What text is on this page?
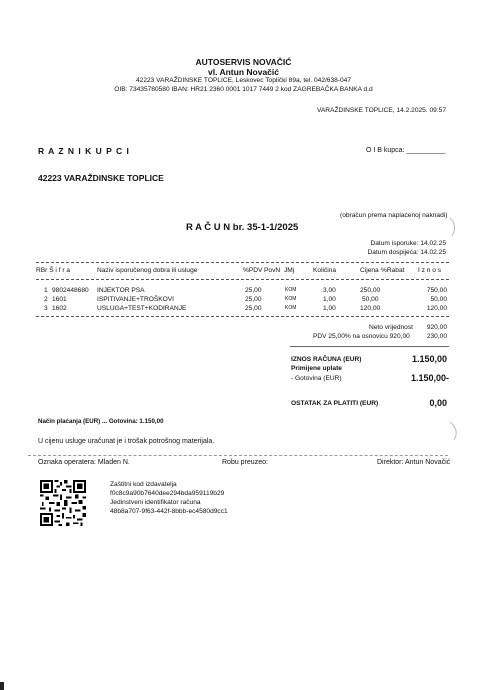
AUTOSERVIS NOVAČIĆ
vl. Antun Novačić
42223 VARAŽDINSKE TOPLICE, Leskovec Toplički 89a, tel. 042/638-047
OIB: 73435780580 IBAN: HR21 2360 0001 1017 7449 2 kod ZAGREBAČKA BANKA d.d
VARAŽDINSKE TOPLICE, 14.2.2025. 09:57
R A Z N I K U P C I	O I B kupca: __________
42223 VARAŽDINSKE TOPLICE
(obračun prema naplaćenoj naknadi)
R A Č U N br. 35-1-1/2025
Datum isporuke: 14.02.25
Datum dospijeća: 14.02.25
RBr Š i f r a	Naziv isporučenog dobra ili usluge	%PDV PovN JMj	Količina	Cijena %Rabat I z n o s
1 9802448680 INJEKTOR PSA	25,00	KOM	3,00	250,00	750,00
2 1601	ISPITIVANJE+TROŠKOVI	25,00	KOM	1,00	50,00	50,00
3 1602	USLUGA+TEST+KODIRANJE	25,00	KOM	1,00	120,00	120,00
Neto vrijednost 920,00
PDV 25,00% na osnovicu 920,00	230,00
IZNOS RAČUNA (EUR)	1.150,00
Primijene uplate
- Gotovina (EUR)	1.150,00-
OSTATAK ZA PLATITI (EUR)	0,00
Način plaćanja (EUR) ... Gotovina: 1.150,00
U cijenu usluge uračunat je i trošak potrošnog materijala.
Oznaka operatera: Mladen N.	Robu preuzeo:	Direktor: Antun Novačić
Zaštitni kod izdavatelja
f0c8c9a90b7640dee294bda959119b29
Jedinstveni identifikator računa
48b8a707-9f63-442f-8bbb-ec4580d9cc1
